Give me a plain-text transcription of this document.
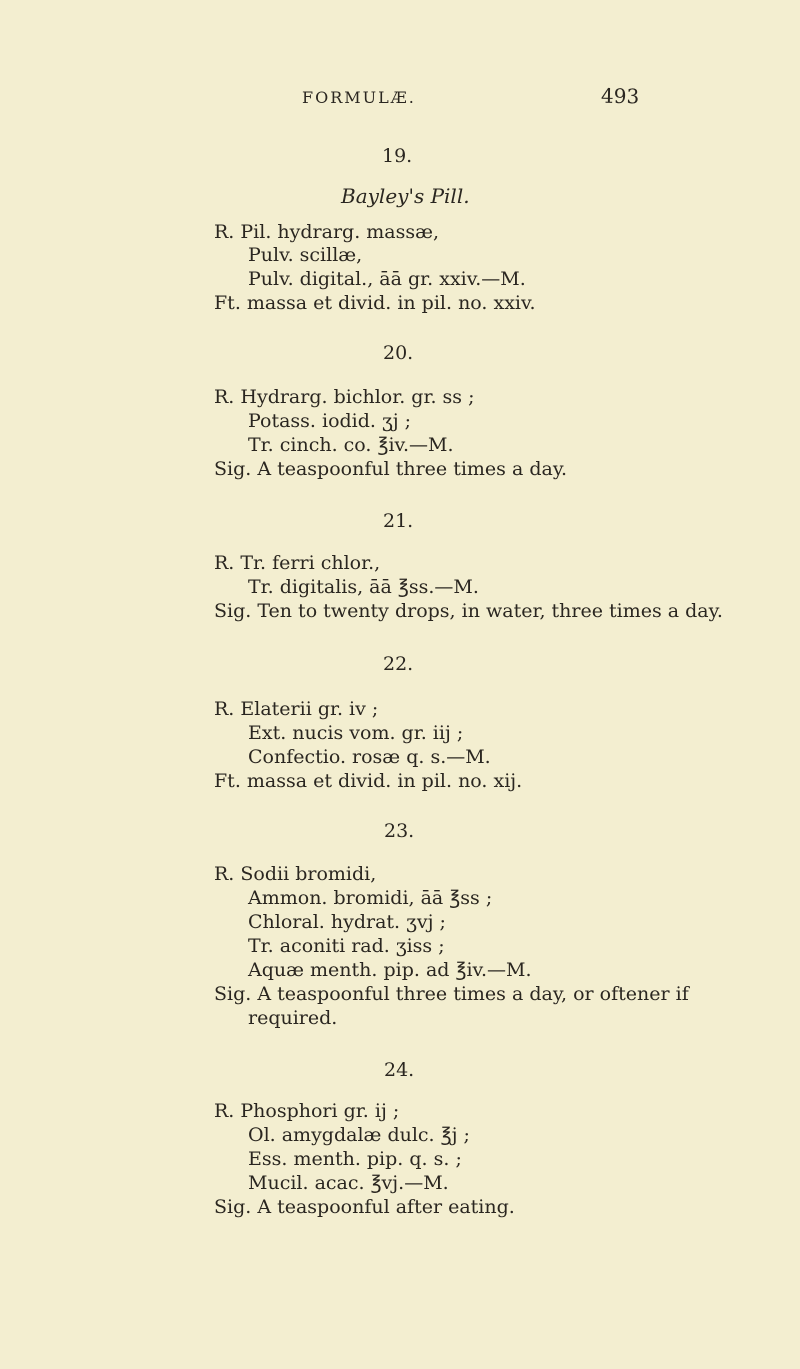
FORMULÆ.	493
19.
Bayley's Pill.
R. Pil. hydrarg. massæ,
Pulv. scillæ,
Pulv. digital., āā gr. xxiv.—M.
Ft. massa et divid. in pil. no. xxiv.
20.
R. Hydrarg. bichlor. gr. ss ;
Potass. iodid. ʒj ;
Tr. cinch. co. ℥iv.—M.
Sig. A teaspoonful three times a day.
21.
R. Tr. ferri chlor.,
Tr. digitalis, āā ℥ss.—M.
Sig. Ten to twenty drops, in water, three times a day.
22.
R. Elaterii gr. iv ;
Ext. nucis vom. gr. iij ;
Confectio. rosæ q. s.—M.
Ft. massa et divid. in pil. no. xij.
23.
R. Sodii bromidi,
Ammon. bromidi, āā ℥ss ;
Chloral. hydrat. ʒvj ;
Tr. aconiti rad. ʒiss ;
Aquæ menth. pip. ad ℥iv.—M.
Sig. A teaspoonful three times a day, or oftener if
required.
24.
R. Phosphori gr. ij ;
Ol. amygdalæ dulc. ℥j ;
Ess. menth. pip. q. s. ;
Mucil. acac. ℥vj.—M.
Sig. A teaspoonful after eating.
